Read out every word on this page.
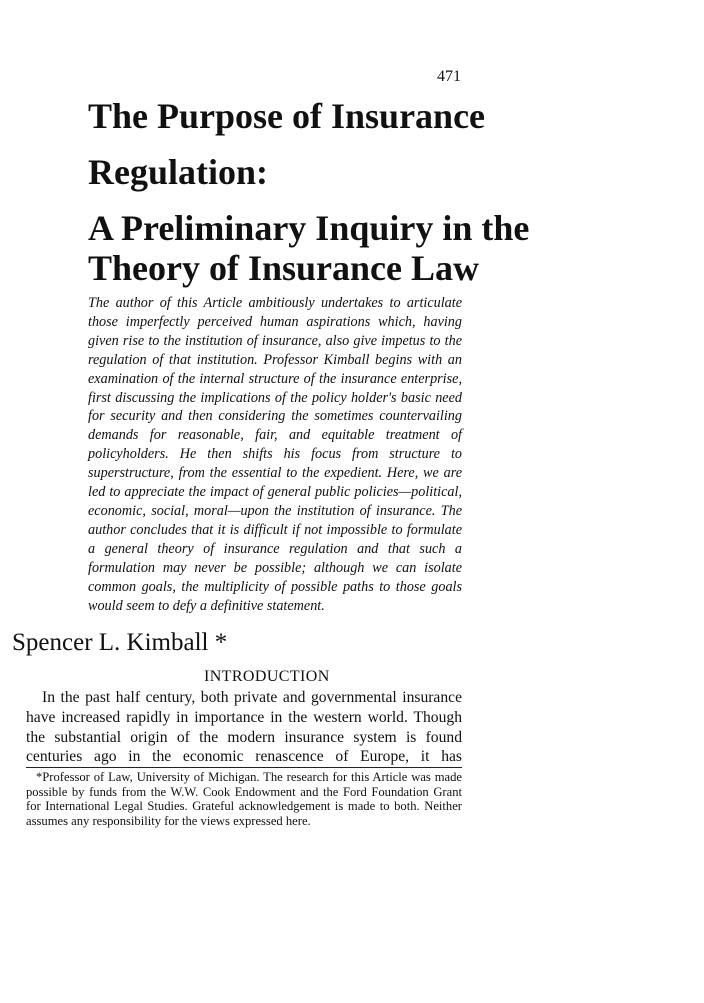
471
The Purpose of Insurance
Regulation:
A Preliminary Inquiry in the
Theory of Insurance Law

The author of this Article ambitiously undertakes to articulate those imperfectly perceived human aspirations which, having given rise to the institution of insurance, also give impetus to the regulation of that institution. Professor Kimball begins with an examination of the internal structure of the insurance enterprise, first discussing the implications of the policy holder's basic need for security and then considering the sometimes countervailing demands for reasonable, fair, and equitable treatment of policyholders. He then shifts his focus from structure to superstructure, from the essential to the expedient. Here, we are led to appreciate the impact of general public policies—political, economic, social, moral—upon the institution of insurance. The author concludes that it is difficult if not impossible to formulate a general theory of insurance regulation and that such a formulation may never be possible; although we can isolate common goals, the multiplicity of possible paths to those goals would seem to defy a definitive statement.

Spencer L. Kimball *
INTRODUCTION

In the past half century, both private and governmental insurance have increased rapidly in importance in the western world. Though the substantial origin of the modern insurance system is found centuries ago in the economic renascence of Europe, it has

*Professor of Law, University of Michigan. The research for this Article was made possible by funds from the W.W. Cook Endowment and the Ford Foundation Grant for International Legal Studies. Grateful acknowledgement is made to both. Neither assumes any responsibility for the views expressed here.
